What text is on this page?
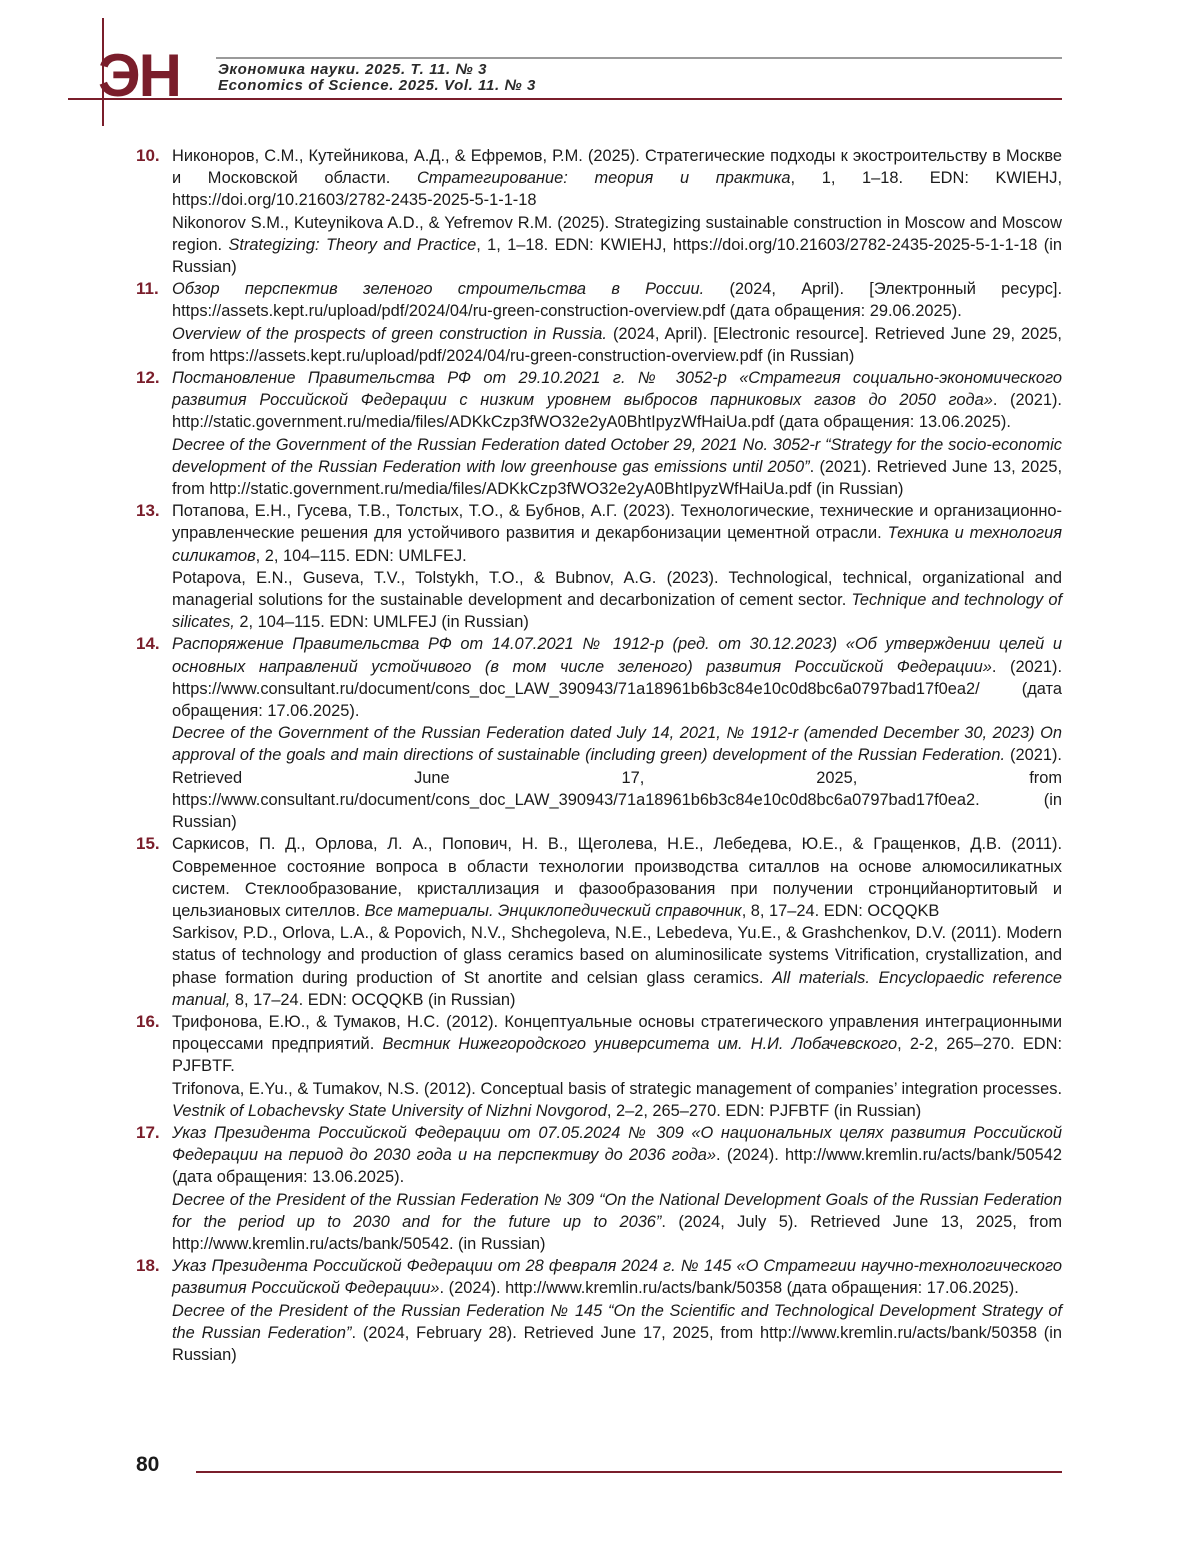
ЭН	Экономика науки. 2025. Т. 11. № 3
Economics of Science. 2025. Vol. 11. № 3
10. Никоноров, С.М., Кутейникова, А.Д., & Ефремов, Р.М. (2025). Стратегические подходы к экостроительству в Москве и Московской области. Стратегирование: теория и практика, 1, 1–18. EDN: KWIEHJ, https://doi.org/10.21603/2782-2435-2025-5-1-1-18

Nikonorov S.M., Kuteynikova A.D., & Yefremov R.M. (2025). Strategizing sustainable construction in Moscow and Moscow region. Strategizing: Theory and Practice, 1, 1–18. EDN: KWIEHJ, https://doi.org/10.21603/2782-2435-2025-5-1-1-18 (in Russian)

11. Обзор перспектив зеленого строительства в России. (2024, April). [Электронный ресурс]. https://assets.kept.ru/upload/pdf/2024/04/ru-green-construction-overview.pdf (дата обращения: 29.06.2025).

Overview of the prospects of green construction in Russia. (2024, April). [Electronic resource]. Retrieved June 29, 2025, from https://assets.kept.ru/upload/pdf/2024/04/ru-green-construction-overview.pdf (in Russian)

12. Постановление Правительства РФ от 29.10.2021 г. № 3052-р «Стратегия социально-экономического развития Российской Федерации с низким уровнем выбросов парниковых газов до 2050 года». (2021). http://static.government.ru/media/files/ADKkCzp3fWO32e2yA0BhtIpyzWfHaiUa.pdf (дата обращения: 13.06.2025).

Decree of the Government of the Russian Federation dated October 29, 2021 No. 3052-r “Strategy for the socio-economic development of the Russian Federation with low greenhouse gas emissions until 2050”. (2021). Retrieved June 13, 2025, from http://static.government.ru/media/files/ADKkCzp3fWO32e2yA0BhtIpyzWfHaiUa.pdf (in Russian)

13. Потапова, Е.Н., Гусева, Т.В., Толстых, Т.О., & Бубнов, А.Г. (2023). Технологические, технические и организационно-управленческие решения для устойчивого развития и декарбонизации цементной отрасли. Техника и технология силикатов, 2, 104–115. EDN: UMLFEJ.

Potapova, E.N., Guseva, T.V., Tolstykh, T.O., & Bubnov, A.G. (2023). Technological, technical, organizational and managerial solutions for the sustainable development and decarbonization of cement sector. Technique and technology of silicates, 2, 104–115. EDN: UMLFEJ (in Russian)

14. Распоряжение Правительства РФ от 14.07.2021 № 1912-р (ред. от 30.12.2023) «Об утверждении целей и основных направлений устойчивого (в том числе зеленого) развития Российской Федерации». (2021). https://www.consultant.ru/document/cons_doc_LAW_390943/71a18961b6b3c84e10c0d8bc6a0797bad17f0ea2/ (дата обращения: 17.06.2025).

Decree of the Government of the Russian Federation dated July 14, 2021, № 1912-r (amended December 30, 2023) On approval of the goals and main directions of sustainable (including green) development of the Russian Federation. (2021). Retrieved June 17, 2025, from https://www.consultant.ru/document/cons_doc_LAW_390943/71a18961b6b3c84e10c0d8bc6a0797bad17f0ea2. (in Russian)

15. Саркисов, П. Д., Орлова, Л. А., Попович, Н. В., Щеголева, Н.Е., Лебедева, Ю.Е., & Гращенков, Д.В. (2011). Современное состояние вопроса в области технологии производства ситаллов на основе алюмосиликатных систем. Стеклообразование, кристаллизация и фазообразования при получении стронцийанортитовый и цельзиановых сителлов. Все материалы. Энциклопедический справочник, 8, 17–24. EDN: OCQQKB

Sarkisov, P.D., Orlova, L.A., & Popovich, N.V., Shchegoleva, N.E., Lebedeva, Yu.E., & Grashchenkov, D.V. (2011). Modern status of technology and production of glass ceramics based on aluminosilicate systems Vitrification, crystallization, and phase formation during production of St anortite and celsian glass ceramics. All materials. Encyclopaedic reference manual, 8, 17–24. EDN: OCQQKB (in Russian)

16. Трифонова, Е.Ю., & Тумаков, Н.С. (2012). Концептуальные основы стратегического управления интеграционными процессами предприятий. Вестник Нижегородского университета им. Н.И. Лобачевского, 2-2, 265–270. EDN: PJFBTF.

Trifonova, E.Yu., & Tumakov, N.S. (2012). Conceptual basis of strategic management of companies’ integration processes. Vestnik of Lobachevsky State University of Nizhni Novgorod, 2–2, 265–270. EDN: PJFBTF (in Russian)

17. Указ Президента Российской Федерации от 07.05.2024 № 309 «О национальных целях развития Российской Федерации на период до 2030 года и на перспективу до 2036 года». (2024). http://www.kremlin.ru/acts/bank/50542 (дата обращения: 13.06.2025).

Decree of the President of the Russian Federation № 309 “On the National Development Goals of the Russian Federation for the period up to 2030 and for the future up to 2036”. (2024, July 5). Retrieved June 13, 2025, from http://www.kremlin.ru/acts/bank/50542. (in Russian)

18. Указ Президента Российской Федерации от 28 февраля 2024 г. № 145 «О Стратегии научно-технологического развития Российской Федерации». (2024). http://www.kremlin.ru/acts/bank/50358 (дата обращения: 17.06.2025).

Decree of the President of the Russian Federation № 145 “On the Scientific and Technological Development Strategy of the Russian Federation”. (2024, February 28). Retrieved June 17, 2025, from http://www.kremlin.ru/acts/bank/50358 (in Russian)

80
